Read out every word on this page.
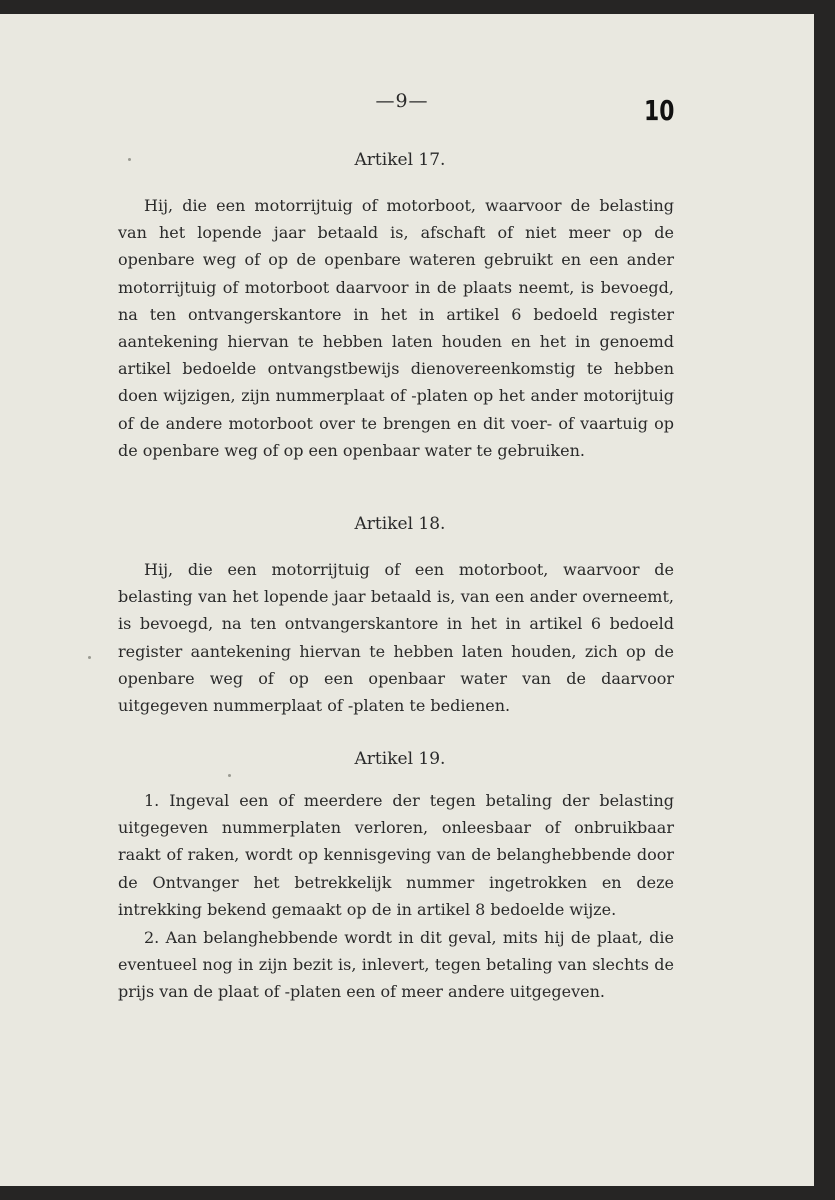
—9—	10
Artikel 17.

Hij, die een motorrijtuig of motorboot, waarvoor de belasting van het lopende jaar betaald is, afschaft of niet meer op de openbare weg of op de openbare wateren gebruikt en een ander motorrijtuig of motorboot daarvoor in de plaats neemt, is bevoegd, na ten ontvangerskantore in het in artikel 6 bedoeld register aantekening hiervan te hebben laten houden en het in genoemd artikel bedoelde ontvangstbewijs dienovereenkomstig te hebben doen wijzigen, zijn nummerplaat of -platen op het ander motorijtuig of de andere motorboot over te brengen en dit voer- of vaartuig op de openbare weg of op een openbaar water te gebruiken.

Artikel 18.

Hij, die een motorrijtuig of een motorboot, waarvoor de belasting van het lopende jaar betaald is, van een ander overneemt, is bevoegd, na ten ontvangerskantore in het in artikel 6 bedoeld register aantekening hiervan te hebben laten houden, zich op de openbare weg of op een openbaar water van de daarvoor uitgegeven nummerplaat of -platen te bedienen.

Artikel 19.

1. Ingeval een of meerdere der tegen betaling der belasting uitgegeven nummerplaten verloren, onleesbaar of onbruikbaar raakt of raken, wordt op kennisgeving van de belanghebbende door de Ontvanger het betrekkelijk nummer ingetrokken en deze intrekking bekend gemaakt op de in artikel 8 bedoelde wijze.

2. Aan belanghebbende wordt in dit geval, mits hij de plaat, die eventueel nog in zijn bezit is, inlevert, tegen betaling van slechts de prijs van de plaat of -platen een of meer andere uitgegeven.
